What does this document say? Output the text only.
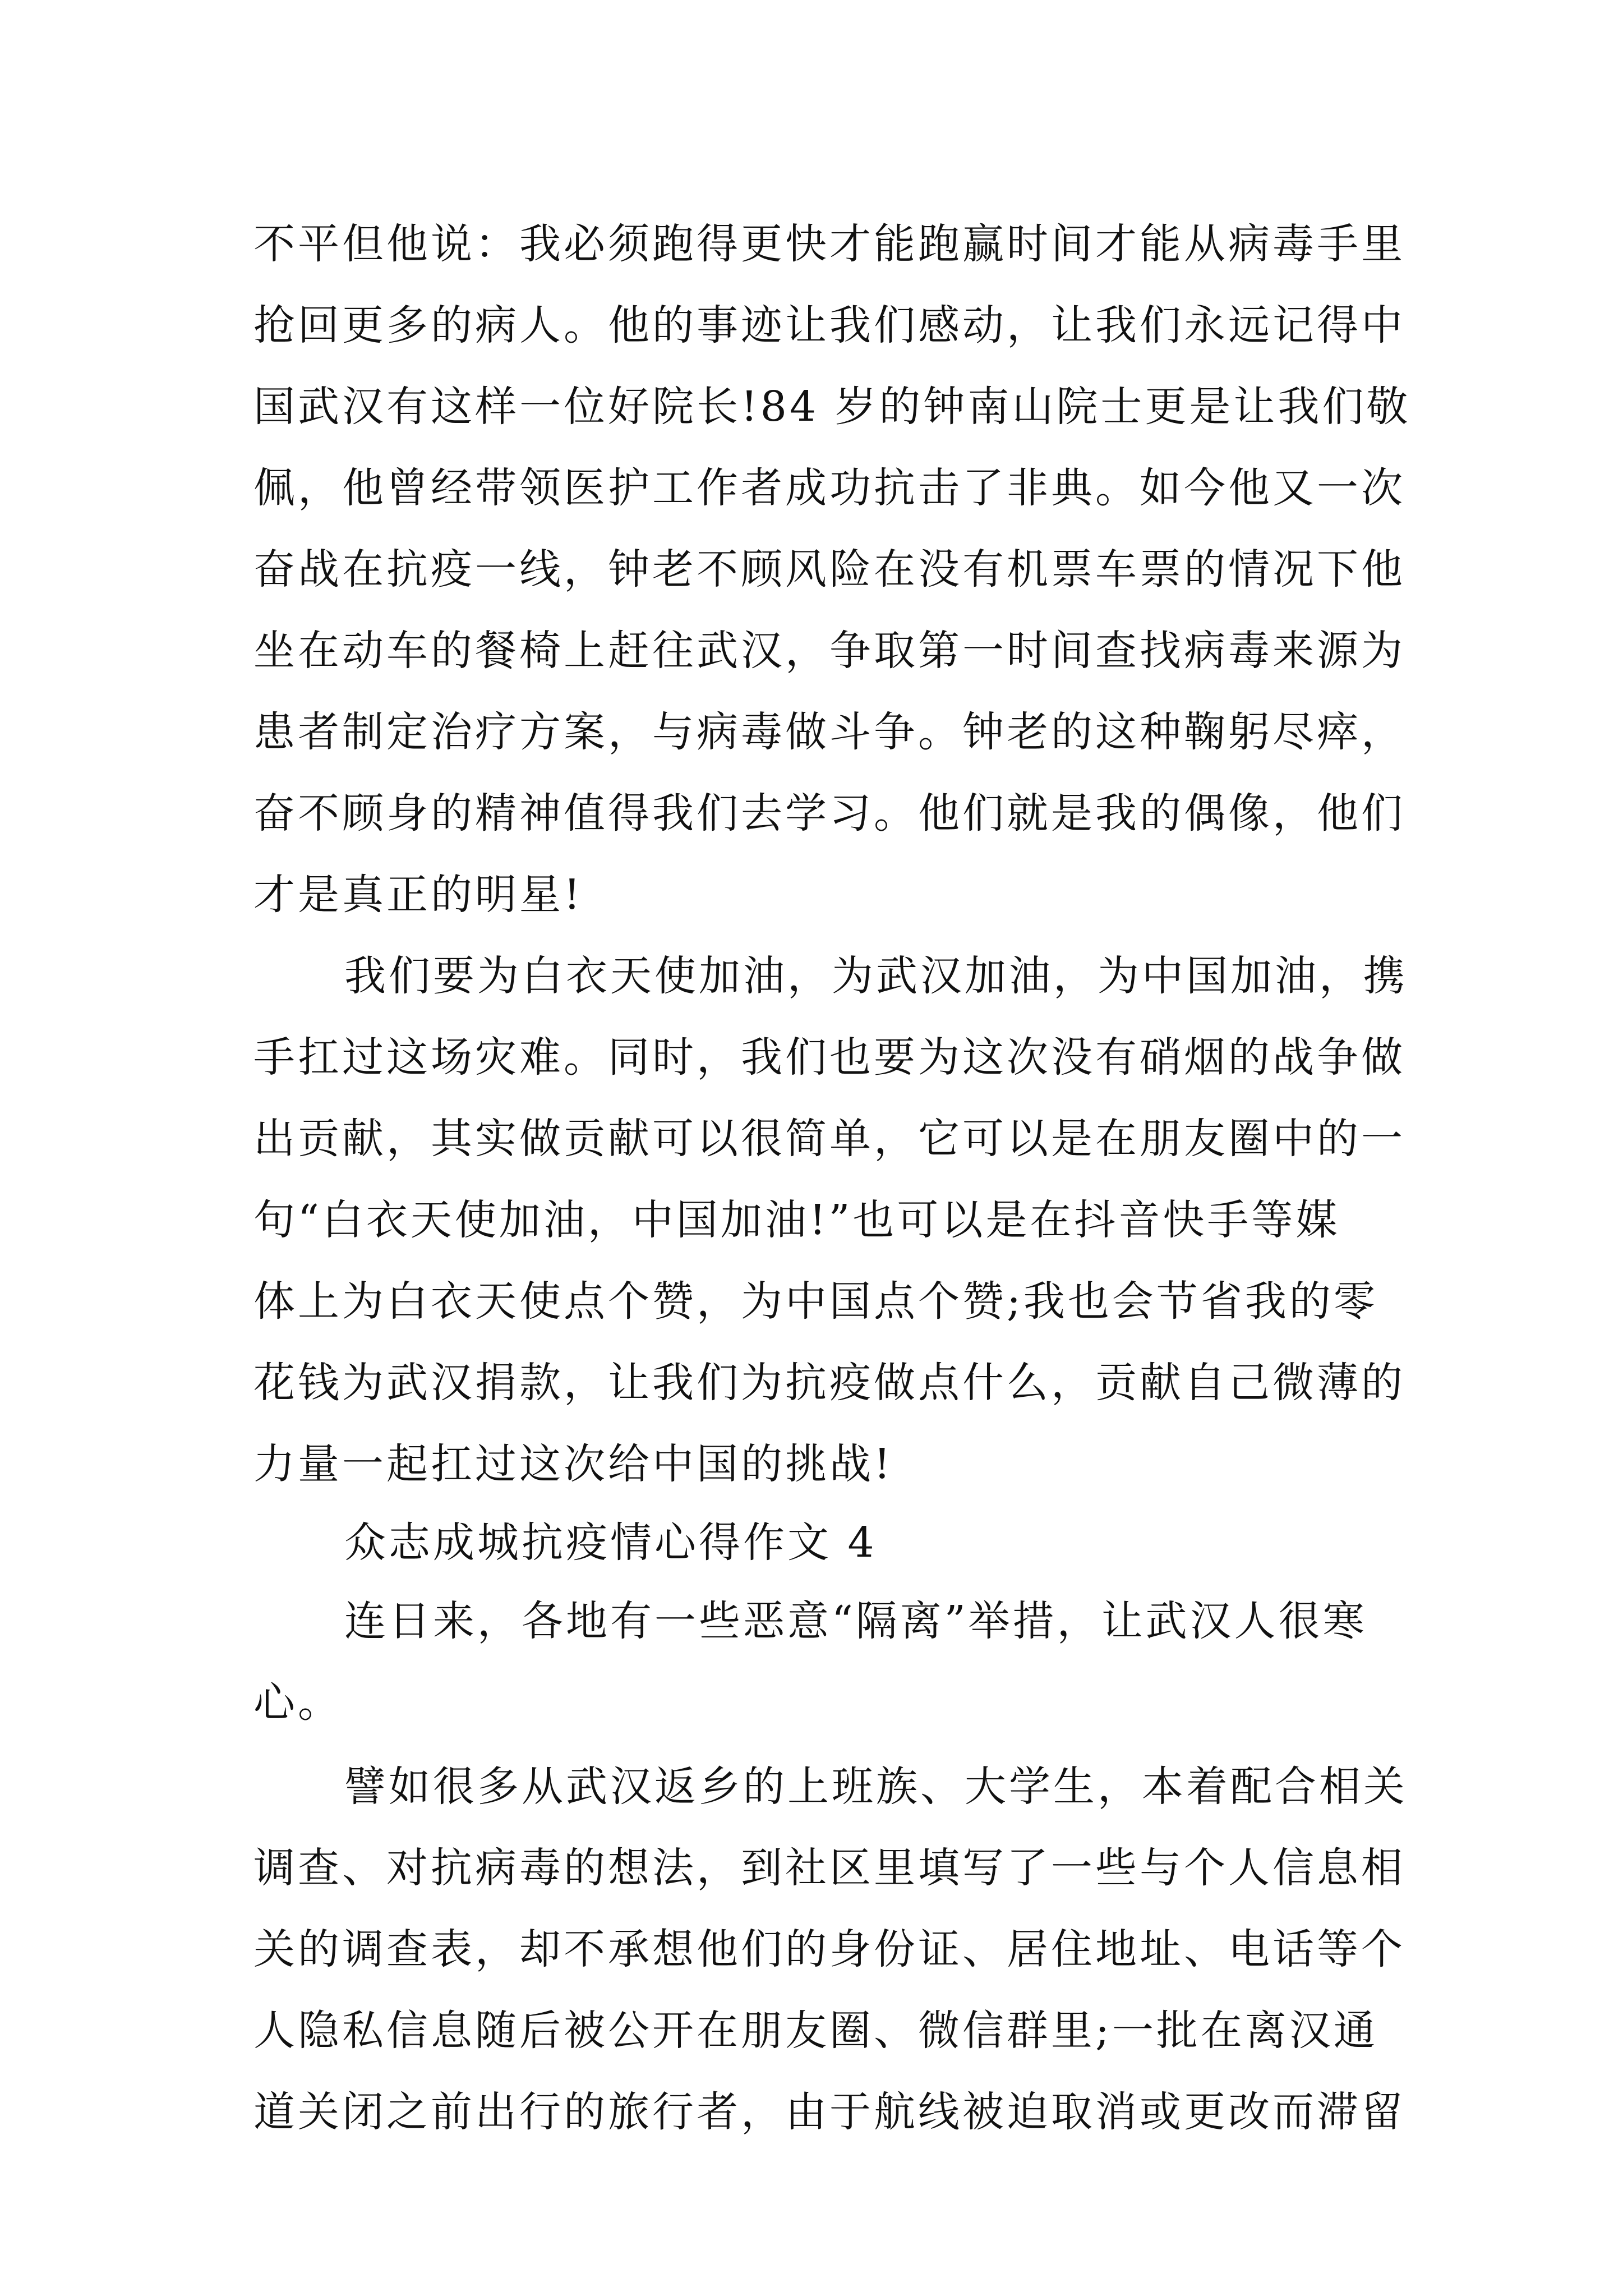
不平但他说：我必须跑得更快才能跑赢时间才能从病毒手里
抢回更多的病人。他的事迹让我们感动，让我们永远记得中
国武汉有这样一位好院长!84 岁的钟南山院士更是让我们敬
佩，他曾经带领医护工作者成功抗击了非典。如今他又一次
奋战在抗疫一线，钟老不顾风险在没有机票车票的情况下他
坐在动车的餐椅上赶往武汉，争取第一时间查找病毒来源为
患者制定治疗方案，与病毒做斗争。钟老的这种鞠躬尽瘁，
奋不顾身的精神值得我们去学习。他们就是我的偶像，他们
才是真正的明星!
我们要为白衣天使加油，为武汉加油，为中国加油，携
手扛过这场灾难。同时，我们也要为这次没有硝烟的战争做
出贡献，其实做贡献可以很简单，它可以是在朋友圈中的一
句“白衣天使加油，中国加油!”也可以是在抖音快手等媒
体上为白衣天使点个赞，为中国点个赞;我也会节省我的零
花钱为武汉捐款，让我们为抗疫做点什么，贡献自己微薄的
力量一起扛过这次给中国的挑战!
众志成城抗疫情心得作文 4
连日来，各地有一些恶意“隔离”举措，让武汉人很寒
心。
譬如很多从武汉返乡的上班族、大学生，本着配合相关
调查、对抗病毒的想法，到社区里填写了一些与个人信息相
关的调查表，却不承想他们的身份证、居住地址、电话等个
人隐私信息随后被公开在朋友圈、微信群里;一批在离汉通
道关闭之前出行的旅行者，由于航线被迫取消或更改而滞留
